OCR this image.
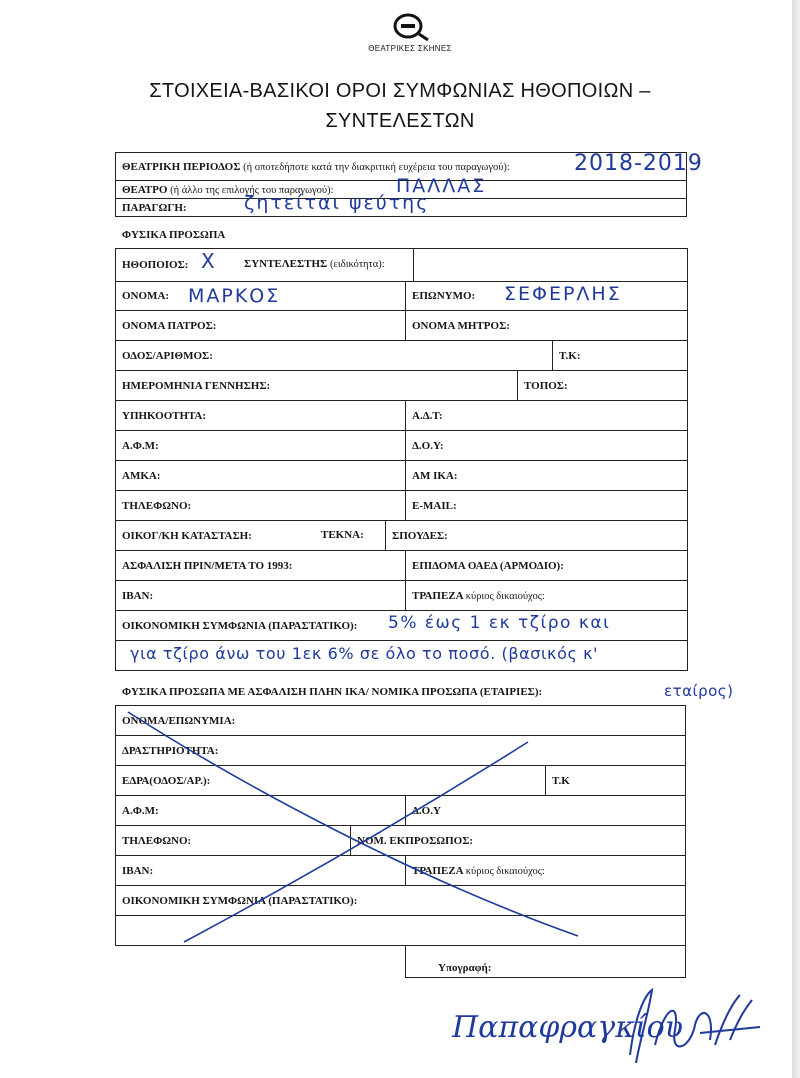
ΘΕΑΤΡΙΚΕΣ ΣΚΗΝΕΣ
ΣΤΟΙΧΕΙΑ-ΒΑΣΙΚΟΙ ΟΡΟΙ ΣΥΜΦΩΝΙΑΣ ΗΘΟΠΟΙΩΝ –
ΣΥΝΤΕΛΕΣΤΩΝ
ΘΕΑΤΡΙΚΗ ΠΕΡΙΟΔΟΣ (ή οποτεδήποτε κατά την διακριτική ευχέρεια του παραγωγού):	2018-2019

ΘΕΑΤΡΟ (ή άλλο της επιλογής του παραγωγού):	ΠΑΛΛΑΣ

ΠΑΡΑΓΩΓΗ:	ζητείται ψεύτης
ΦΥΣΙΚΑ ΠΡΟΣΩΠΑ
ΗΘΟΠΟΙΟΣ: X ΣΥΝΤΕΛΕΣΤΗΣ (ειδικότητα):				

ΟΝΟΜΑ: ΜΑΡΚΟΣ		ΕΠΩΝΥΜΟ: ΣΕΦΕΡΛΗΣ		

ΟΝΟΜΑ ΠΑΤΡΟΣ:		ΟΝΟΜΑ ΜΗΤΡΟΣ:		
ΟΔΟΣ/ΑΡΙΘΜΟΣ:				Τ.Κ:
ΗΜΕΡΟΜΗΝΙΑ ΓΕΝΝΗΣΗΣ:			ΤΟΠΟΣ:	
ΥΠΗΚΟΟΤΗΤΑ:		Α.Δ.Τ:		
Α.Φ.Μ:		Δ.Ο.Υ:		
ΑΜΚΑ:		ΑΜ ΙΚΑ:		
ΤΗΛΕΦΩΝΟ:		E-MAIL:		
ΟΙΚΟΓ/ΚΗ ΚΑΤΑΣΤΑΣΗ: ΤΕΚΝΑ:	ΣΠΟΥΔΕΣ:			
ΑΣΦΑΛΙΣΗ ΠΡΙΝ/ΜΕΤΑ ΤΟ 1993:		ΕΠΙΔΟΜΑ ΟΑΕΔ (ΑΡΜΟΔΙΟ):		
IBAN:		ΤΡΑΠΕΖΑ κύριος δικαιούχος:		
ΟΙΚΟΝΟΜΙΚΗ ΣΥΜΦΩΝΙΑ (ΠΑΡΑΣΤΑΤΙΚΟ): 5% έως 1 εκ τζίρο και				

για τζίρο άνω του 1εκ 6% σε όλο το ποσό. (βασικός κ'				
εταίρος)
ΦΥΣΙΚΑ ΠΡΟΣΩΠΑ ΜΕ ΑΣΦΑΛΙΣΗ ΠΛΗΝ ΙΚΑ/ ΝΟΜΙΚΑ ΠΡΟΣΩΠΑ (ΕΤΑΙΡΙΕΣ):
ΟΝΟΜΑ/ΕΠΩΝΥΜΙΑ:			
ΔΡΑΣΤΗΡΙΟΤΗΤΑ:			
ΕΔΡΑ(ΟΔΟΣ/ΑΡ.):			Τ.Κ
Α.Φ.Μ:		Δ.Ο.Υ	
ΤΗΛΕΦΩΝΟ:	ΝΟΜ. ΕΚΠΡΟΣΩΠΟΣ:		
IBAN:		ΤΡΑΠΕΖΑ κύριος δικαιούχος:	
ΟΙΚΟΝΟΜΙΚΗ ΣΥΜΦΩΝΙΑ (ΠΑΡΑΣΤΑΤΙΚΟ):			

Υπογραφή:
Παπαφραγκίου
